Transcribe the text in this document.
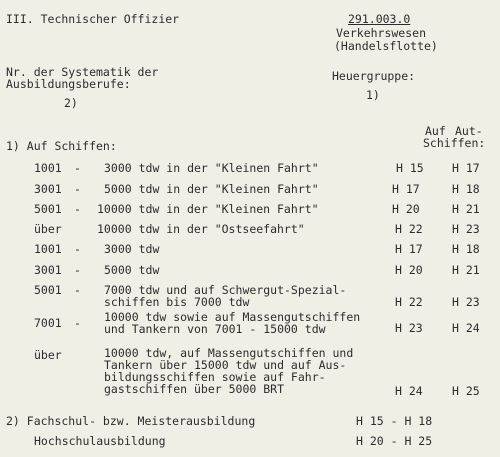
III. Technischer Offizier	291.003.0
Verkehrswesen
(Handelsflotte)
Nr. der Systematik der
Ausbildungsberufe:
2)
Heuergruppe:
1)
Auf Aut-
Schiffen:
1) Auf Schiffen:
1001 - 3000 tdw in der "Kleinen Fahrt"	H 15 H 17
3001 - 5000 tdw in der "Kleinen Fahrt"	H 17	H 18
5001 - 10000 tdw in der "Kleinen Fahrt"	H 20	H 21
über	10000 tdw in der "Ostseefahrt"	H 22	H 23
1001 - 3000 tdw	H 17	H 18
3001 - 5000 tdw	H 20	H 21
5001 - 7000 tdw und auf Schwergut-Spezial-
schiffen bis 7000 tdw	H 22	H 23
7001 - 10000 tdw sowie auf Massengutschiffen
und Tankern von 7001 - 15000 tdw	H 23	H 24
über	10000 tdw, auf Massengutschiffen und
Tankern über 15000 tdw und auf Aus-
bildungsschiffen sowie auf Fahr-
gastschiffen über 5000 BRT	H 24	H 25
2) Fachschul- bzw. Meisterausbildung	H 15 - H 18
Hochschulausbildung	H 20 - H 25
